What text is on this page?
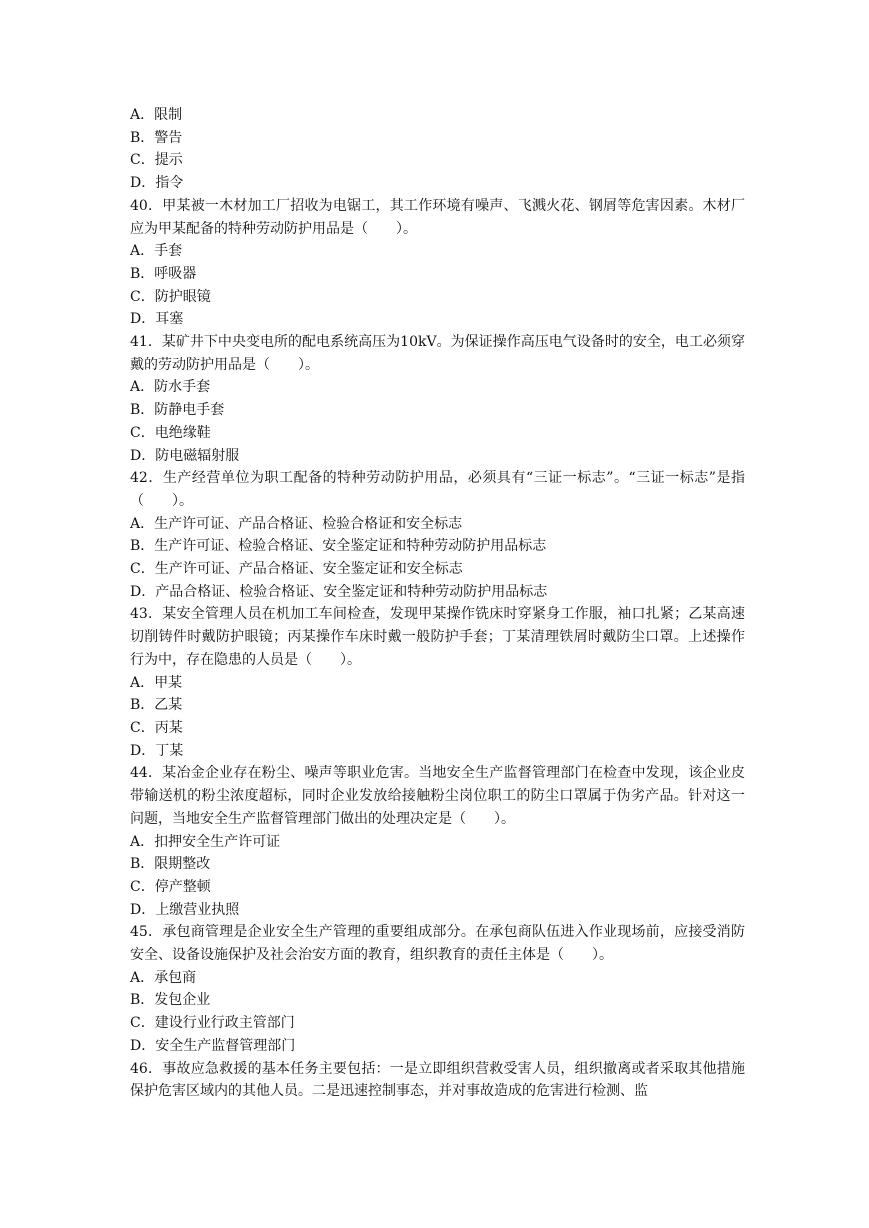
A．限制
B．警告
C．提示
D．指令
40．甲某被一木材加工厂招收为电锯工，其工作环境有噪声、飞溅火花、钢屑等危害因素。木材厂应为甲某配备的特种劳动防护用品是（　　）。
A．手套
B．呼吸器
C．防护眼镜
D．耳塞
41．某矿井下中央变电所的配电系统高压为10kV。为保证操作高压电气设备时的安全，电工必须穿戴的劳动防护用品是（　　）。
A．防水手套
B．防静电手套
C．电绝缘鞋
D．防电磁辐射服
42．生产经营单位为职工配备的特种劳动防护用品，必须具有“三证一标志”。“三证一标志”是指（　　）。
A．生产许可证、产品合格证、检验合格证和安全标志
B．生产许可证、检验合格证、安全鉴定证和特种劳动防护用品标志
C．生产许可证、产品合格证、安全鉴定证和安全标志
D．产品合格证、检验合格证、安全鉴定证和特种劳动防护用品标志
43．某安全管理人员在机加工车间检查，发现甲某操作铣床时穿紧身工作服，袖口扎紧；乙某高速切削铸件时戴防护眼镜；丙某操作车床时戴一般防护手套；丁某清理铁屑时戴防尘口罩。上述操作行为中，存在隐患的人员是（　　）。
A．甲某
B．乙某
C．丙某
D．丁某
44．某冶金企业存在粉尘、噪声等职业危害。当地安全生产监督管理部门在检查中发现，该企业皮带输送机的粉尘浓度超标，同时企业发放给接触粉尘岗位职工的防尘口罩属于伪劣产品。针对这一问题，当地安全生产监督管理部门做出的处理决定是（　　）。
A．扣押安全生产许可证
B．限期整改
C．停产整顿
D．上缴营业执照
45．承包商管理是企业安全生产管理的重要组成部分。在承包商队伍进入作业现场前，应接受消防安全、设备设施保护及社会治安方面的教育，组织教育的责任主体是（　　）。
A．承包商
B．发包企业
C．建设行业行政主管部门
D．安全生产监督管理部门
46．事故应急救援的基本任务主要包括：一是立即组织营救受害人员，组织撤离或者采取其他措施保护危害区域内的其他人员。二是迅速控制事态，并对事故造成的危害进行检测、监
